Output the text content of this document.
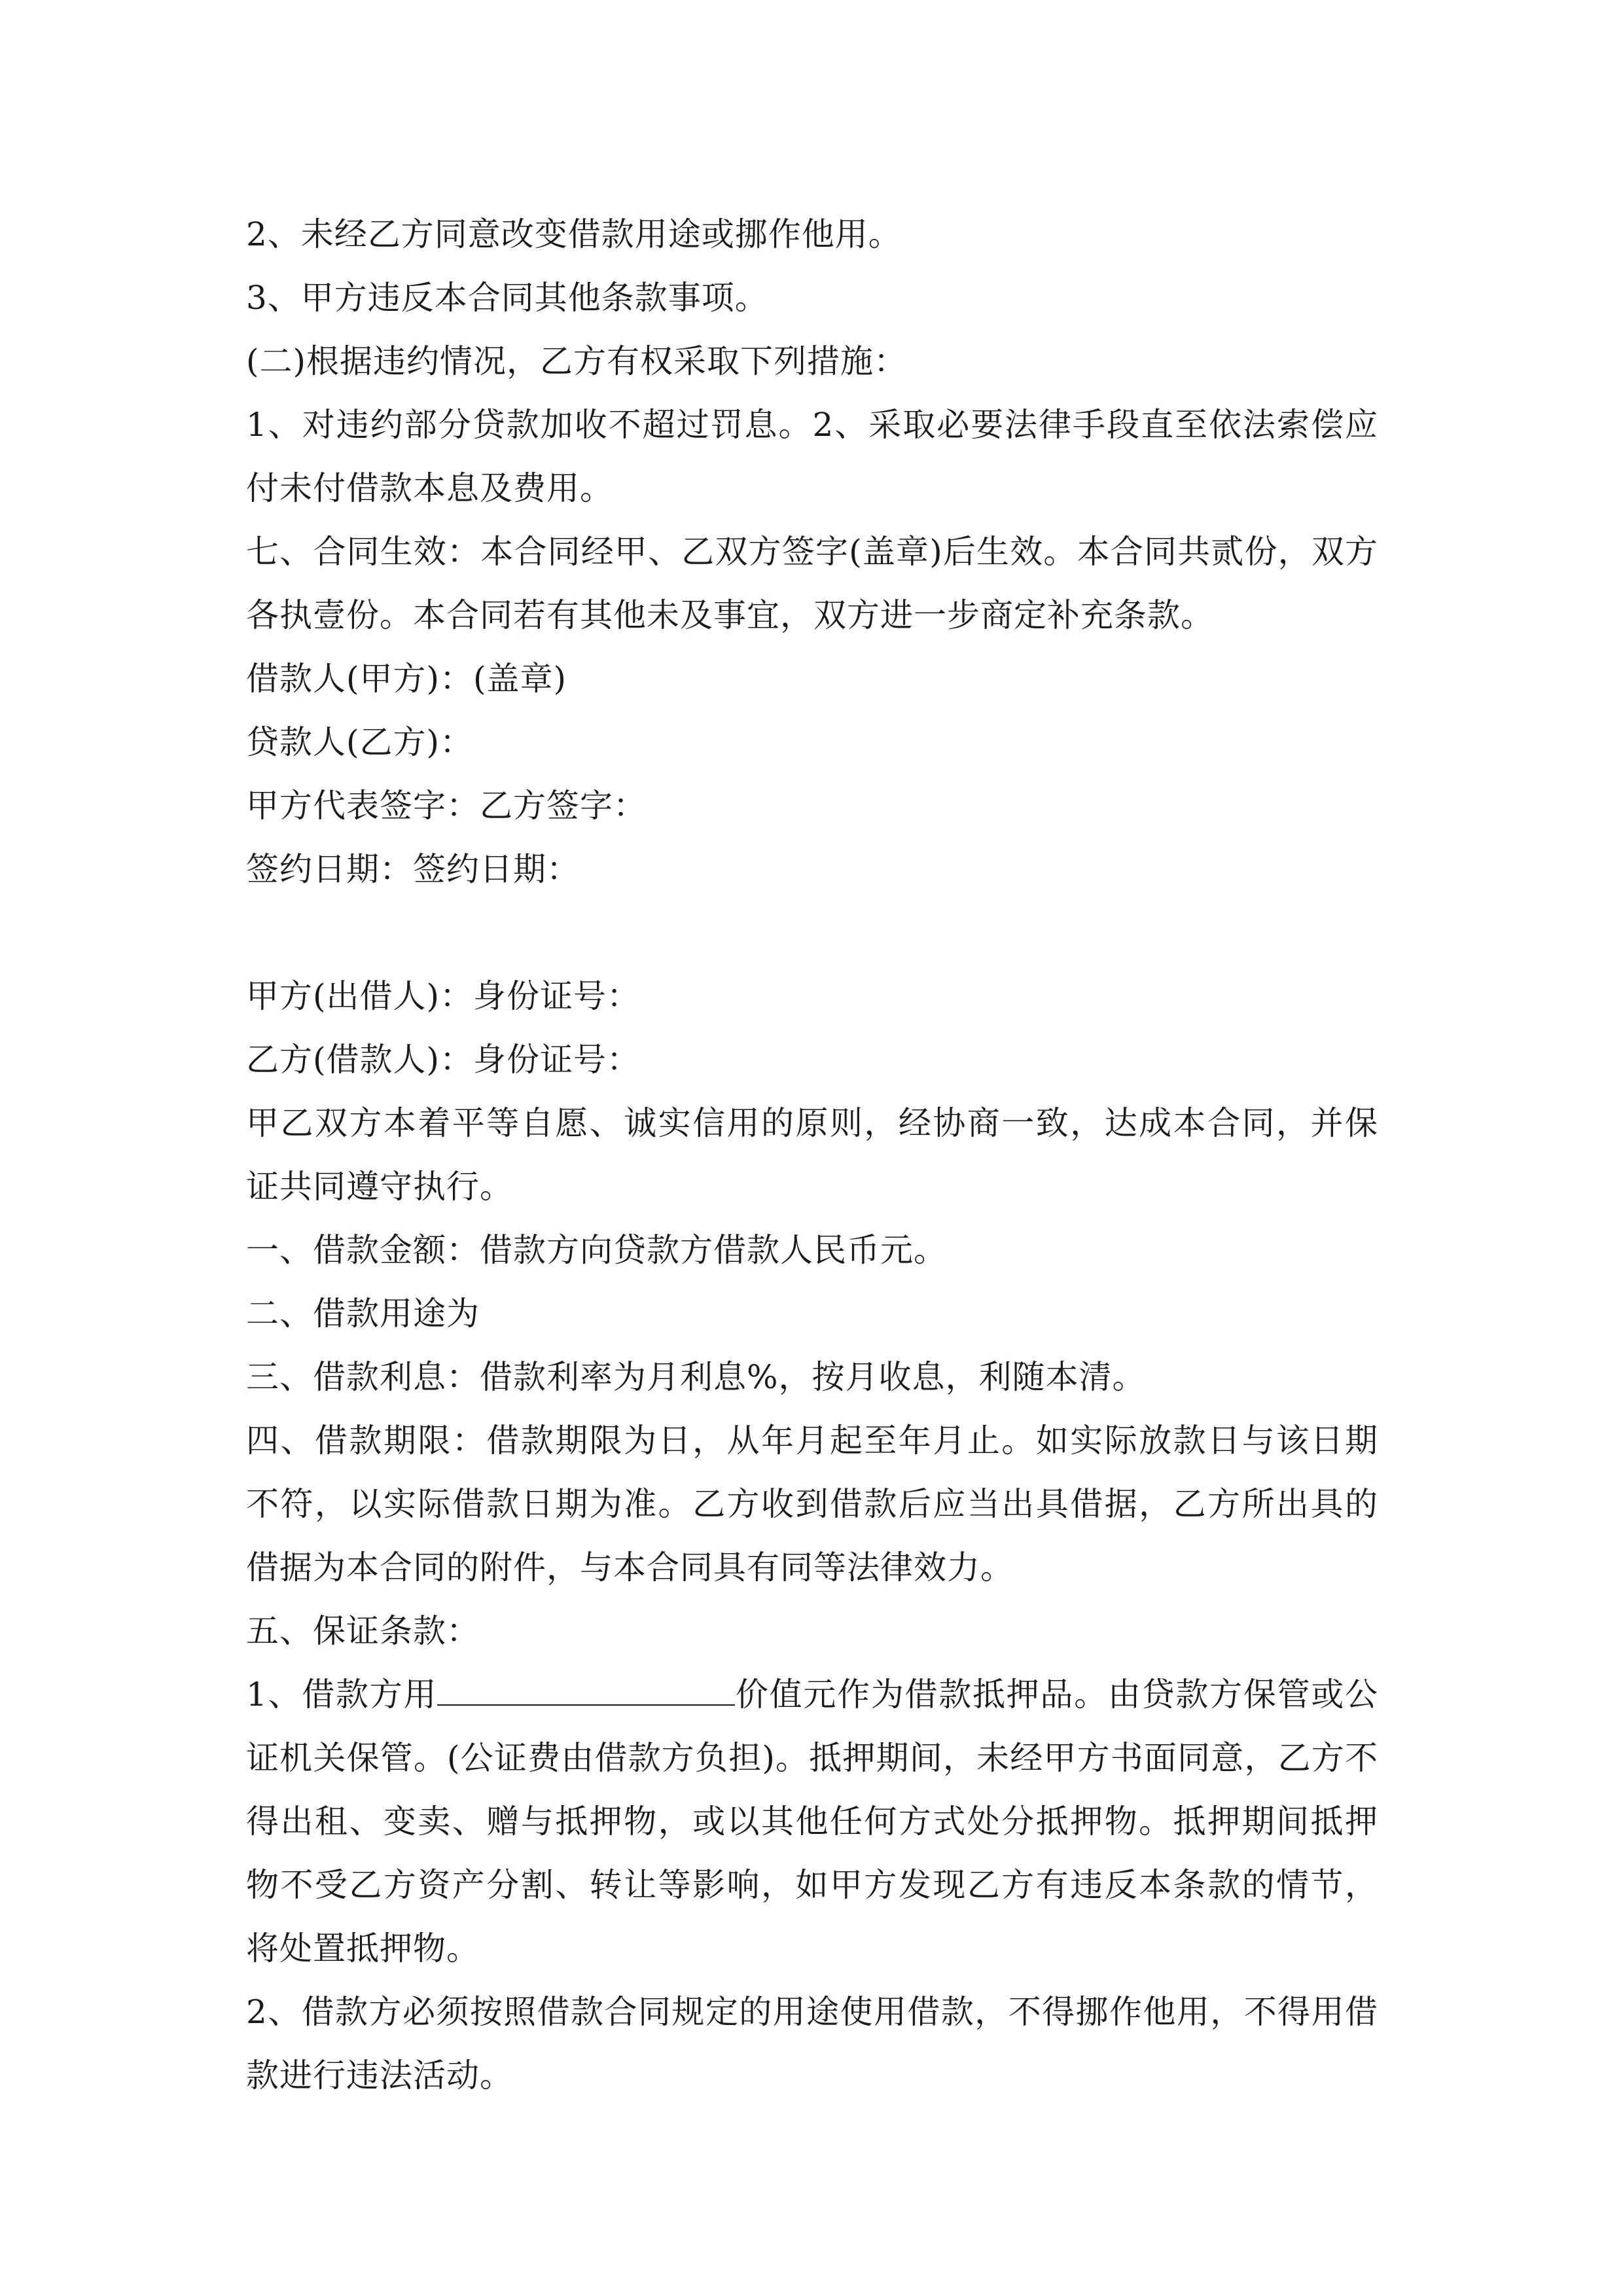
2、未经乙方同意改变借款用途或挪作他用。

3、甲方违反本合同其他条款事项。

(二)根据违约情况，乙方有权采取下列措施：

1、对违约部分贷款加收不超过罚息。2、采取必要法律手段直至依法索偿应付未付借款本息及费用。

七、合同生效：本合同经甲、乙双方签字(盖章)后生效。本合同共贰份，双方各执壹份。本合同若有其他未及事宜，双方进一步商定补充条款。

借款人(甲方)：(盖章)

贷款人(乙方)：

甲方代表签字：乙方签字：

签约日期：签约日期：

甲方(出借人)：身份证号：

乙方(借款人)：身份证号：

甲乙双方本着平等自愿、诚实信用的原则，经协商一致，达成本合同，并保证共同遵守执行。

一、借款金额：借款方向贷款方借款人民币元。

二、借款用途为

三、借款利息：借款利率为月利息%，按月收息，利随本清。

四、借款期限：借款期限为日，从年月起至年月止。如实际放款日与该日期不符，以实际借款日期为准。乙方收到借款后应当出具借据，乙方所出具的借据为本合同的附件，与本合同具有同等法律效力。

五、保证条款：

1、借款方用	价值元作为借款抵押品。由贷款方保管或公证机关保管。(公证费由借款方负担)。抵押期间，未经甲方书面同意，乙方不得出租、变卖、赠与抵押物，或以其他任何方式处分抵押物。抵押期间抵押物不受乙方资产分割、转让等影响，如甲方发现乙方有违反本条款的情节，将处置抵押物。

2、借款方必须按照借款合同规定的用途使用借款，不得挪作他用，不得用借款进行违法活动。
